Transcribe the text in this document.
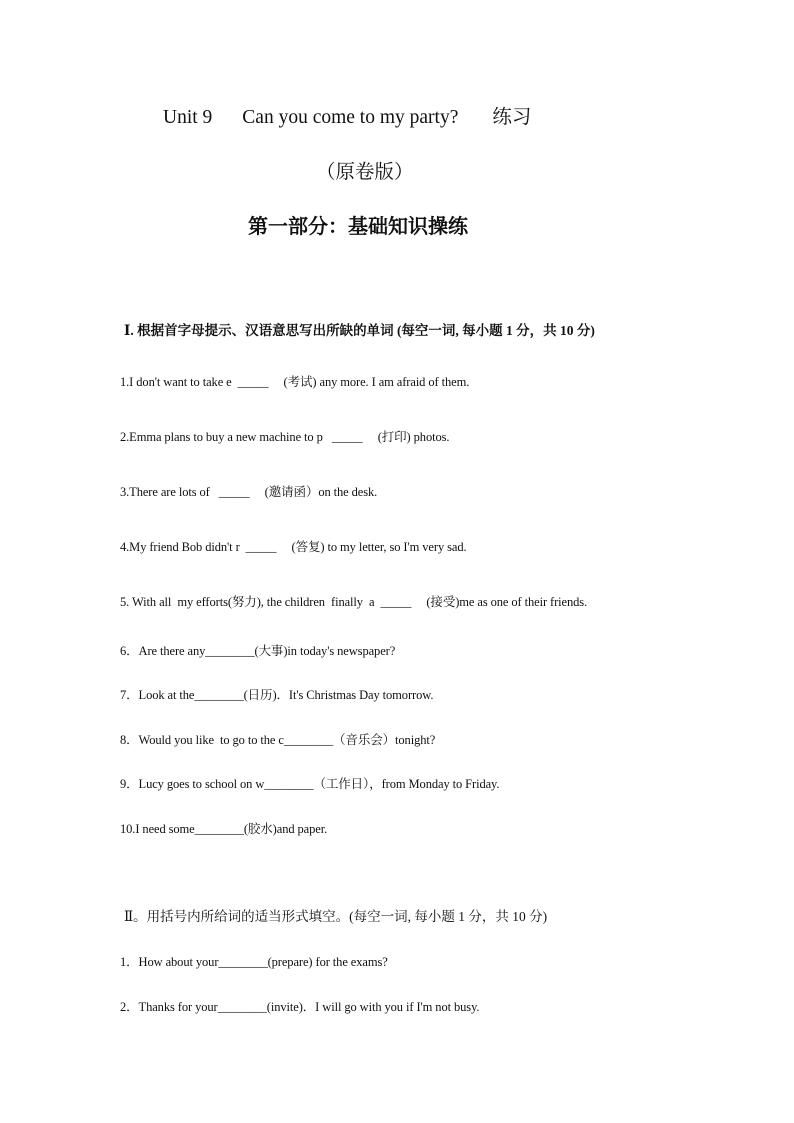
Unit 9 Can you come to my party? 练习
（原卷版）
第一部分：基础知识操练
Ⅰ. 根据首字母提示、汉语意思写出所缺的单词 (每空一词, 每小题 1 分，共 10 分)
1.I don't want to take e  _____     (考试) any more. I am afraid of them.
2.Emma plans to buy a new machine to p   _____     (打印) photos.
3.There are lots of   _____     (邀请函）on the desk.
4.My friend Bob didn't r  _____     (答复) to my letter, so I'm very sad.
5. With all  my efforts(努力), the children  finally  a  _____     (接受)me as one of their friends.
6．Are there any________(大事)in today's newspaper?
7．Look at the________(日历)．It's Christmas Day tomorrow.
8．Would you like  to go to the c________（音乐会）tonight?
9．Lucy goes to school on w________（工作日），from Monday to Friday.
10.I need some________(胶水)and paper.
Ⅱ。用括号内所给词的适当形式填空。(每空一词, 每小题 1 分，共 10 分)
1．How about your________(prepare) for the exams?
2．Thanks for your________(invite)．I will go with you if I'm not busy.
